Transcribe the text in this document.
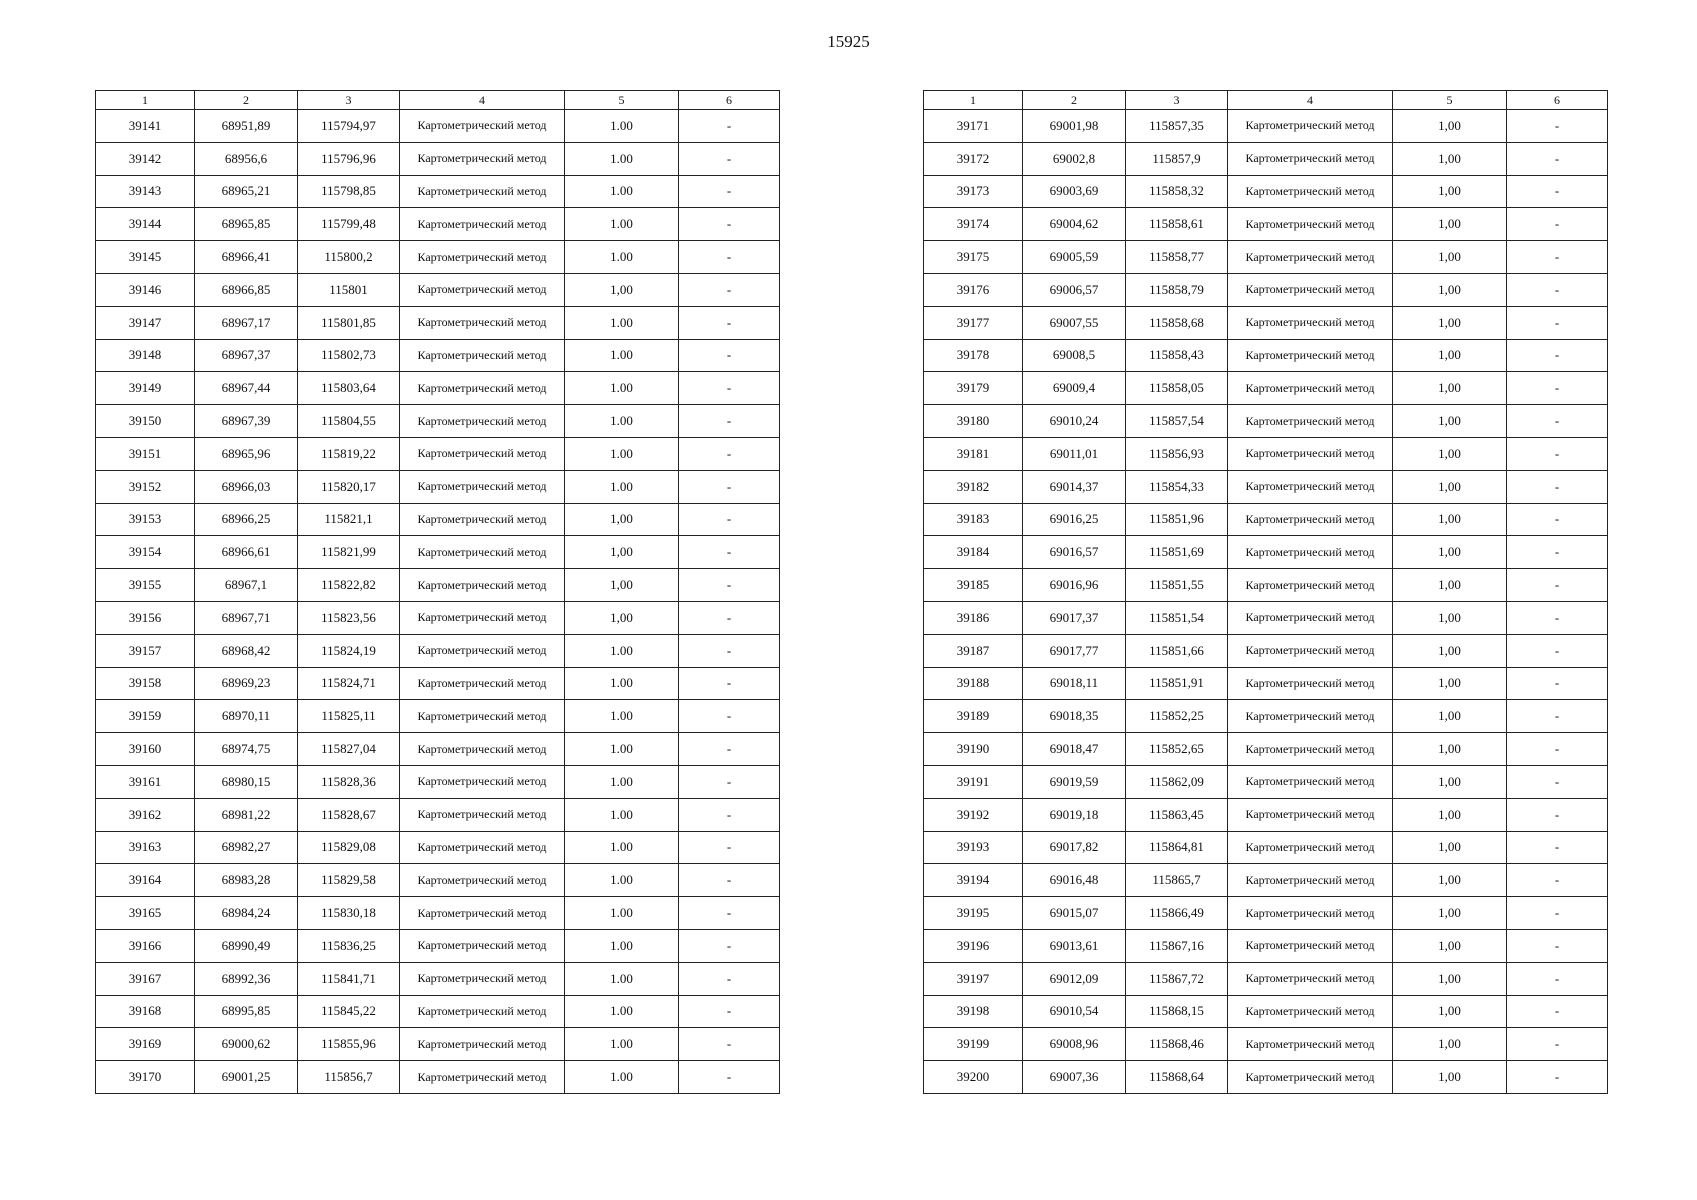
15925
1	2	3	4	5	6
39141	68951,89	115794,97	Картометрический метод	1.00	-
39142	68956,6	115796,96	Картометрический метод	1.00	-
39143	68965,21	115798,85	Картометрический метод	1.00	-
39144	68965,85	115799,48	Картометрический метод	1.00	-
39145	68966,41	115800,2	Картометрический метод	1.00	-
39146	68966,85	115801	Картометрический метод	1,00	-
39147	68967,17	115801,85	Картометрический метод	1.00	-
39148	68967,37	115802,73	Картометрический метод	1.00	-
39149	68967,44	115803,64	Картометрический метод	1.00	-
39150	68967,39	115804,55	Картометрический метод	1.00	-
39151	68965,96	115819,22	Картометрический метод	1.00	-
39152	68966,03	115820,17	Картометрический метод	1.00	-
39153	68966,25	115821,1	Картометрический метод	1,00	-
39154	68966,61	115821,99	Картометрический метод	1,00	-
39155	68967,1	115822,82	Картометрический метод	1,00	-
39156	68967,71	115823,56	Картометрический метод	1,00	-
39157	68968,42	115824,19	Картометрический метод	1.00	-
39158	68969,23	115824,71	Картометрический метод	1.00	-
39159	68970,11	115825,11	Картометрический метод	1.00	-
39160	68974,75	115827,04	Картометрический метод	1.00	-
39161	68980,15	115828,36	Картометрический метод	1.00	-
39162	68981,22	115828,67	Картометрический метод	1.00	-
39163	68982,27	115829,08	Картометрический метод	1.00	-
39164	68983,28	115829,58	Картометрический метод	1.00	-
39165	68984,24	115830,18	Картометрический метод	1.00	-
39166	68990,49	115836,25	Картометрический метод	1.00	-
39167	68992,36	115841,71	Картометрический метод	1.00	-
39168	68995,85	115845,22	Картометрический метод	1.00	-
39169	69000,62	115855,96	Картометрический метод	1.00	-
39170	69001,25	115856,7	Картометрический метод	1.00	-
1	2	3	4	5	6
39171	69001,98	115857,35	Картометрический метод	1,00	-
39172	69002,8	115857,9	Картометрический метод	1,00	-
39173	69003,69	115858,32	Картометрический метод	1,00	-
39174	69004,62	115858,61	Картометрический метод	1,00	-
39175	69005,59	115858,77	Картометрический метод	1,00	-
39176	69006,57	115858,79	Картометрический метод	1,00	-
39177	69007,55	115858,68	Картометрический метод	1,00	-
39178	69008,5	115858,43	Картометрический метод	1,00	-
39179	69009,4	115858,05	Картометрический метод	1,00	-
39180	69010,24	115857,54	Картометрический метод	1,00	-
39181	69011,01	115856,93	Картометрический метод	1,00	-
39182	69014,37	115854,33	Картометрический метод	1,00	-
39183	69016,25	115851,96	Картометрический метод	1,00	-
39184	69016,57	115851,69	Картометрический метод	1,00	-
39185	69016,96	115851,55	Картометрический метод	1,00	-
39186	69017,37	115851,54	Картометрический метод	1,00	-
39187	69017,77	115851,66	Картометрический метод	1,00	-
39188	69018,11	115851,91	Картометрический метод	1,00	-
39189	69018,35	115852,25	Картометрический метод	1,00	-
39190	69018,47	115852,65	Картометрический метод	1,00	-
39191	69019,59	115862,09	Картометрический метод	1,00	-
39192	69019,18	115863,45	Картометрический метод	1,00	-
39193	69017,82	115864,81	Картометрический метод	1,00	-
39194	69016,48	115865,7	Картометрический метод	1,00	-
39195	69015,07	115866,49	Картометрический метод	1,00	-
39196	69013,61	115867,16	Картометрический метод	1,00	-
39197	69012,09	115867,72	Картометрический метод	1,00	-
39198	69010,54	115868,15	Картометрический метод	1,00	-
39199	69008,96	115868,46	Картометрический метод	1,00	-
39200	69007,36	115868,64	Картометрический метод	1,00	-
